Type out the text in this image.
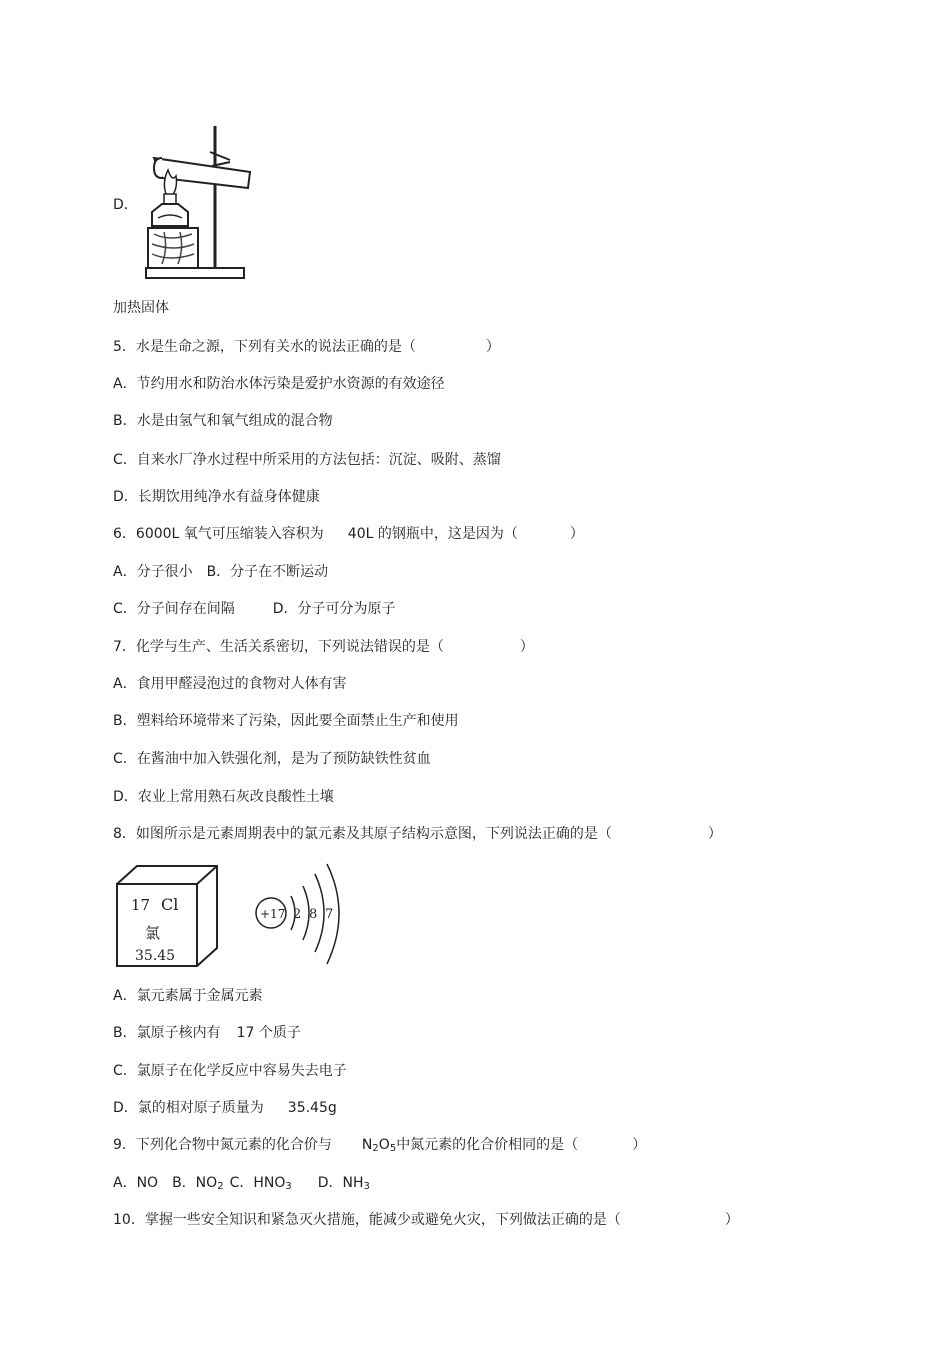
D．
加热固体
5．水是生命之源，下列有关水的说法正确的是（	）
A．节约用水和防治水体污染是爱护水资源的有效途径
B．水是由氢气和氧气组成的混合物
C．自来水厂净水过程中所采用的方法包括：沉淀、吸附、蒸馏
D．长期饮用纯净水有益身体健康
6．6000L 氧气可压缩装入容积为 40L 的钢瓶中，这是因为（	）
A．分子很小 B．分子在不断运动
C．分子间存在间隔	D．分子可分为原子
7．化学与生产、生活关系密切，下列说法错误的是（	）
A．食用甲醛浸泡过的食物对人体有害
B．塑料给环境带来了污染，因此要全面禁止生产和使用
C．在酱油中加入铁强化剂，是为了预防缺铁性贫血
D．农业上常用熟石灰改良酸性土壤
8．如图所示是元素周期表中的氯元素及其原子结构示意图，下列说法正确的是（	）
17 Cl
氯
35.45
+17 2 8 7
A．氯元素属于金属元素
B．氯原子核内有 17 个质子
C．氯原子在化学反应中容易失去电子
D．氯的相对原子质量为 35.45g
9．下列化合物中氮元素的化合价与 $N_2O_5$中氮元素的化合价相同的是（	）
A．NO B．$NO_2$ C．$HNO_3$ D．$NH_3$
10．掌握一些安全知识和紧急灭火措施，能减少或避免火灾，下列做法正确的是（	）
